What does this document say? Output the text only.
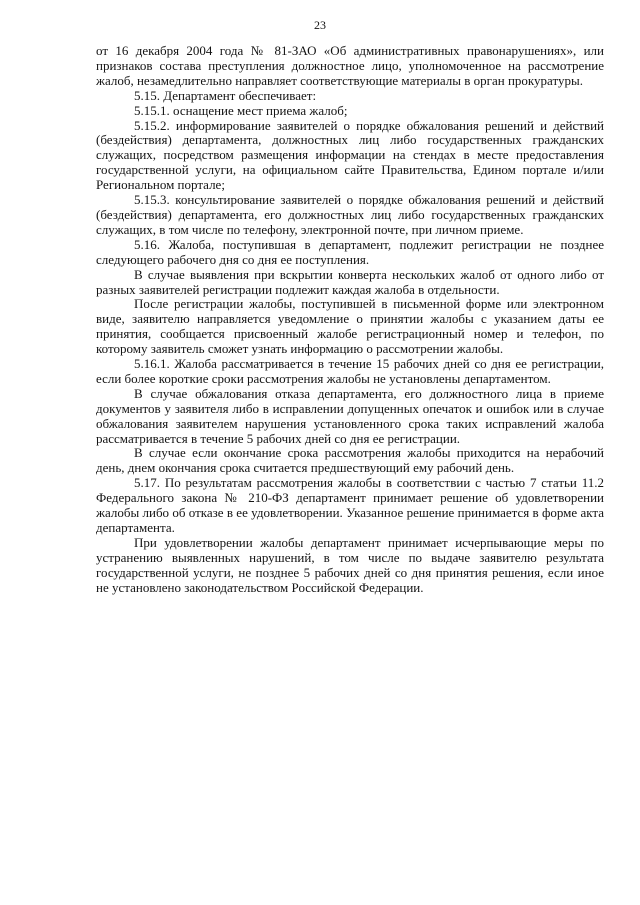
23

от 16 декабря 2004 года № 81-ЗАО «Об административных правонарушениях», или признаков состава преступления должностное лицо, уполномоченное на рассмотрение жалоб, незамедлительно направляет соответствующие материалы в орган прокуратуры.

5.15. Департамент обеспечивает:

5.15.1. оснащение мест приема жалоб;

5.15.2. информирование заявителей о порядке обжалования решений и действий (бездействия) департамента, должностных лиц либо государственных гражданских служащих, посредством размещения информации на стендах в месте предоставления государственной услуги, на официальном сайте Правительства, Едином портале и/или Региональном портале;

5.15.3. консультирование заявителей о порядке обжалования решений и действий (бездействия) департамента, его должностных лиц либо государственных гражданских служащих, в том числе по телефону, электронной почте, при личном приеме.

5.16. Жалоба, поступившая в департамент, подлежит регистрации не позднее следующего рабочего дня со дня ее поступления.

В случае выявления при вскрытии конверта нескольких жалоб от одного либо от разных заявителей регистрации подлежит каждая жалоба в отдельности.

После регистрации жалобы, поступившей в письменной форме или электронном виде, заявителю направляется уведомление о принятии жалобы с указанием даты ее принятия, сообщается присвоенный жалобе регистрационный номер и телефон, по которому заявитель сможет узнать информацию о рассмотрении жалобы.

5.16.1. Жалоба рассматривается в течение 15 рабочих дней со дня ее регистрации, если более короткие сроки рассмотрения жалобы не установлены департаментом.

В случае обжалования отказа департамента, его должностного лица в приеме документов у заявителя либо в исправлении допущенных опечаток и ошибок или в случае обжалования заявителем нарушения установленного срока таких исправлений жалоба рассматривается в течение 5 рабочих дней со дня ее регистрации.

В случае если окончание срока рассмотрения жалобы приходится на нерабочий день, днем окончания срока считается предшествующий ему рабочий день.

5.17. По результатам рассмотрения жалобы в соответствии с частью 7 статьи 11.2 Федерального закона № 210-ФЗ департамент принимает решение об удовлетворении жалобы либо об отказе в ее удовлетворении. Указанное решение принимается в форме акта департамента.

При удовлетворении жалобы департамент принимает исчерпывающие меры по устранению выявленных нарушений, в том числе по выдаче заявителю результата государственной услуги, не позднее 5 рабочих дней со дня принятия решения, если иное не установлено законодательством Российской Федерации.
